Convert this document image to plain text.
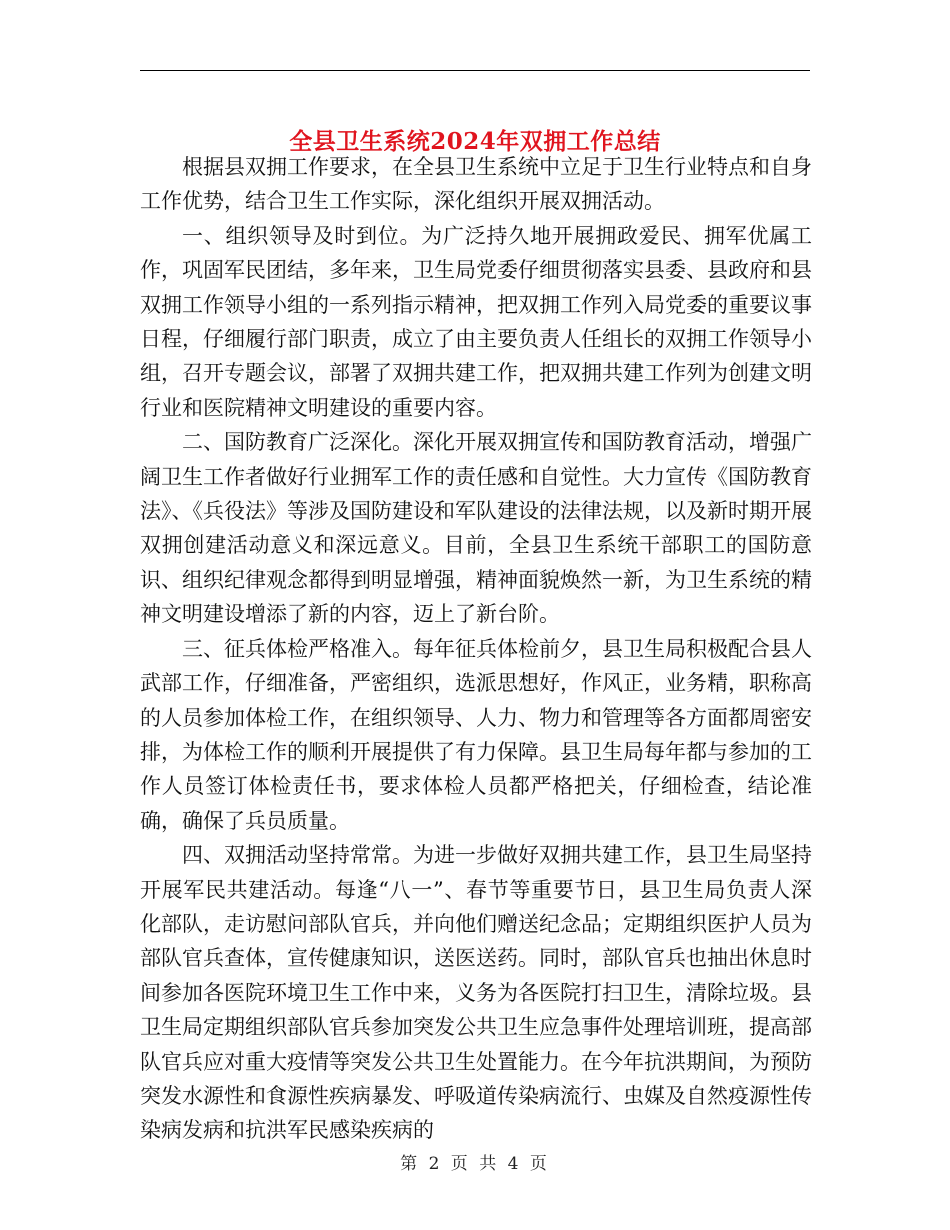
全县卫生系统2024年双拥工作总结

根据县双拥工作要求，在全县卫生系统中立足于卫生行业特点和自身工作优势，结合卫生工作实际，深化组织开展双拥活动。

一、组织领导及时到位。为广泛持久地开展拥政爱民、拥军优属工作，巩固军民团结，多年来，卫生局党委仔细贯彻落实县委、县政府和县双拥工作领导小组的一系列指示精神，把双拥工作列入局党委的重要议事日程，仔细履行部门职责，成立了由主要负责人任组长的双拥工作领导小组，召开专题会议，部署了双拥共建工作，把双拥共建工作列为创建文明行业和医院精神文明建设的重要内容。

二、国防教育广泛深化。深化开展双拥宣传和国防教育活动，增强广阔卫生工作者做好行业拥军工作的责任感和自觉性。大力宣传《国防教育法》、《兵役法》等涉及国防建设和军队建设的法律法规，以及新时期开展双拥创建活动意义和深远意义。目前，全县卫生系统干部职工的国防意识、组织纪律观念都得到明显增强，精神面貌焕然一新，为卫生系统的精神文明建设增添了新的内容，迈上了新台阶。

三、征兵体检严格准入。每年征兵体检前夕，县卫生局积极配合县人武部工作，仔细准备，严密组织，选派思想好，作风正，业务精，职称高的人员参加体检工作，在组织领导、人力、物力和管理等各方面都周密安排，为体检工作的顺利开展提供了有力保障。县卫生局每年都与参加的工作人员签订体检责任书，要求体检人员都严格把关，仔细检查，结论准确，确保了兵员质量。

四、双拥活动坚持常常。为进一步做好双拥共建工作，县卫生局坚持开展军民共建活动。每逢“八一”、春节等重要节日，县卫生局负责人深化部队，走访慰问部队官兵，并向他们赠送纪念品；定期组织医护人员为部队官兵查体，宣传健康知识，送医送药。同时，部队官兵也抽出休息时间参加各医院环境卫生工作中来，义务为各医院打扫卫生，清除垃圾。县卫生局定期组织部队官兵参加突发公共卫生应急事件处理培训班，提高部队官兵应对重大疫情等突发公共卫生处置能力。在今年抗洪期间，为预防突发水源性和食源性疾病暴发、呼吸道传染病流行、虫媒及自然疫源性传染病发病和抗洪军民感染疾病的

第 2 页 共 4 页
